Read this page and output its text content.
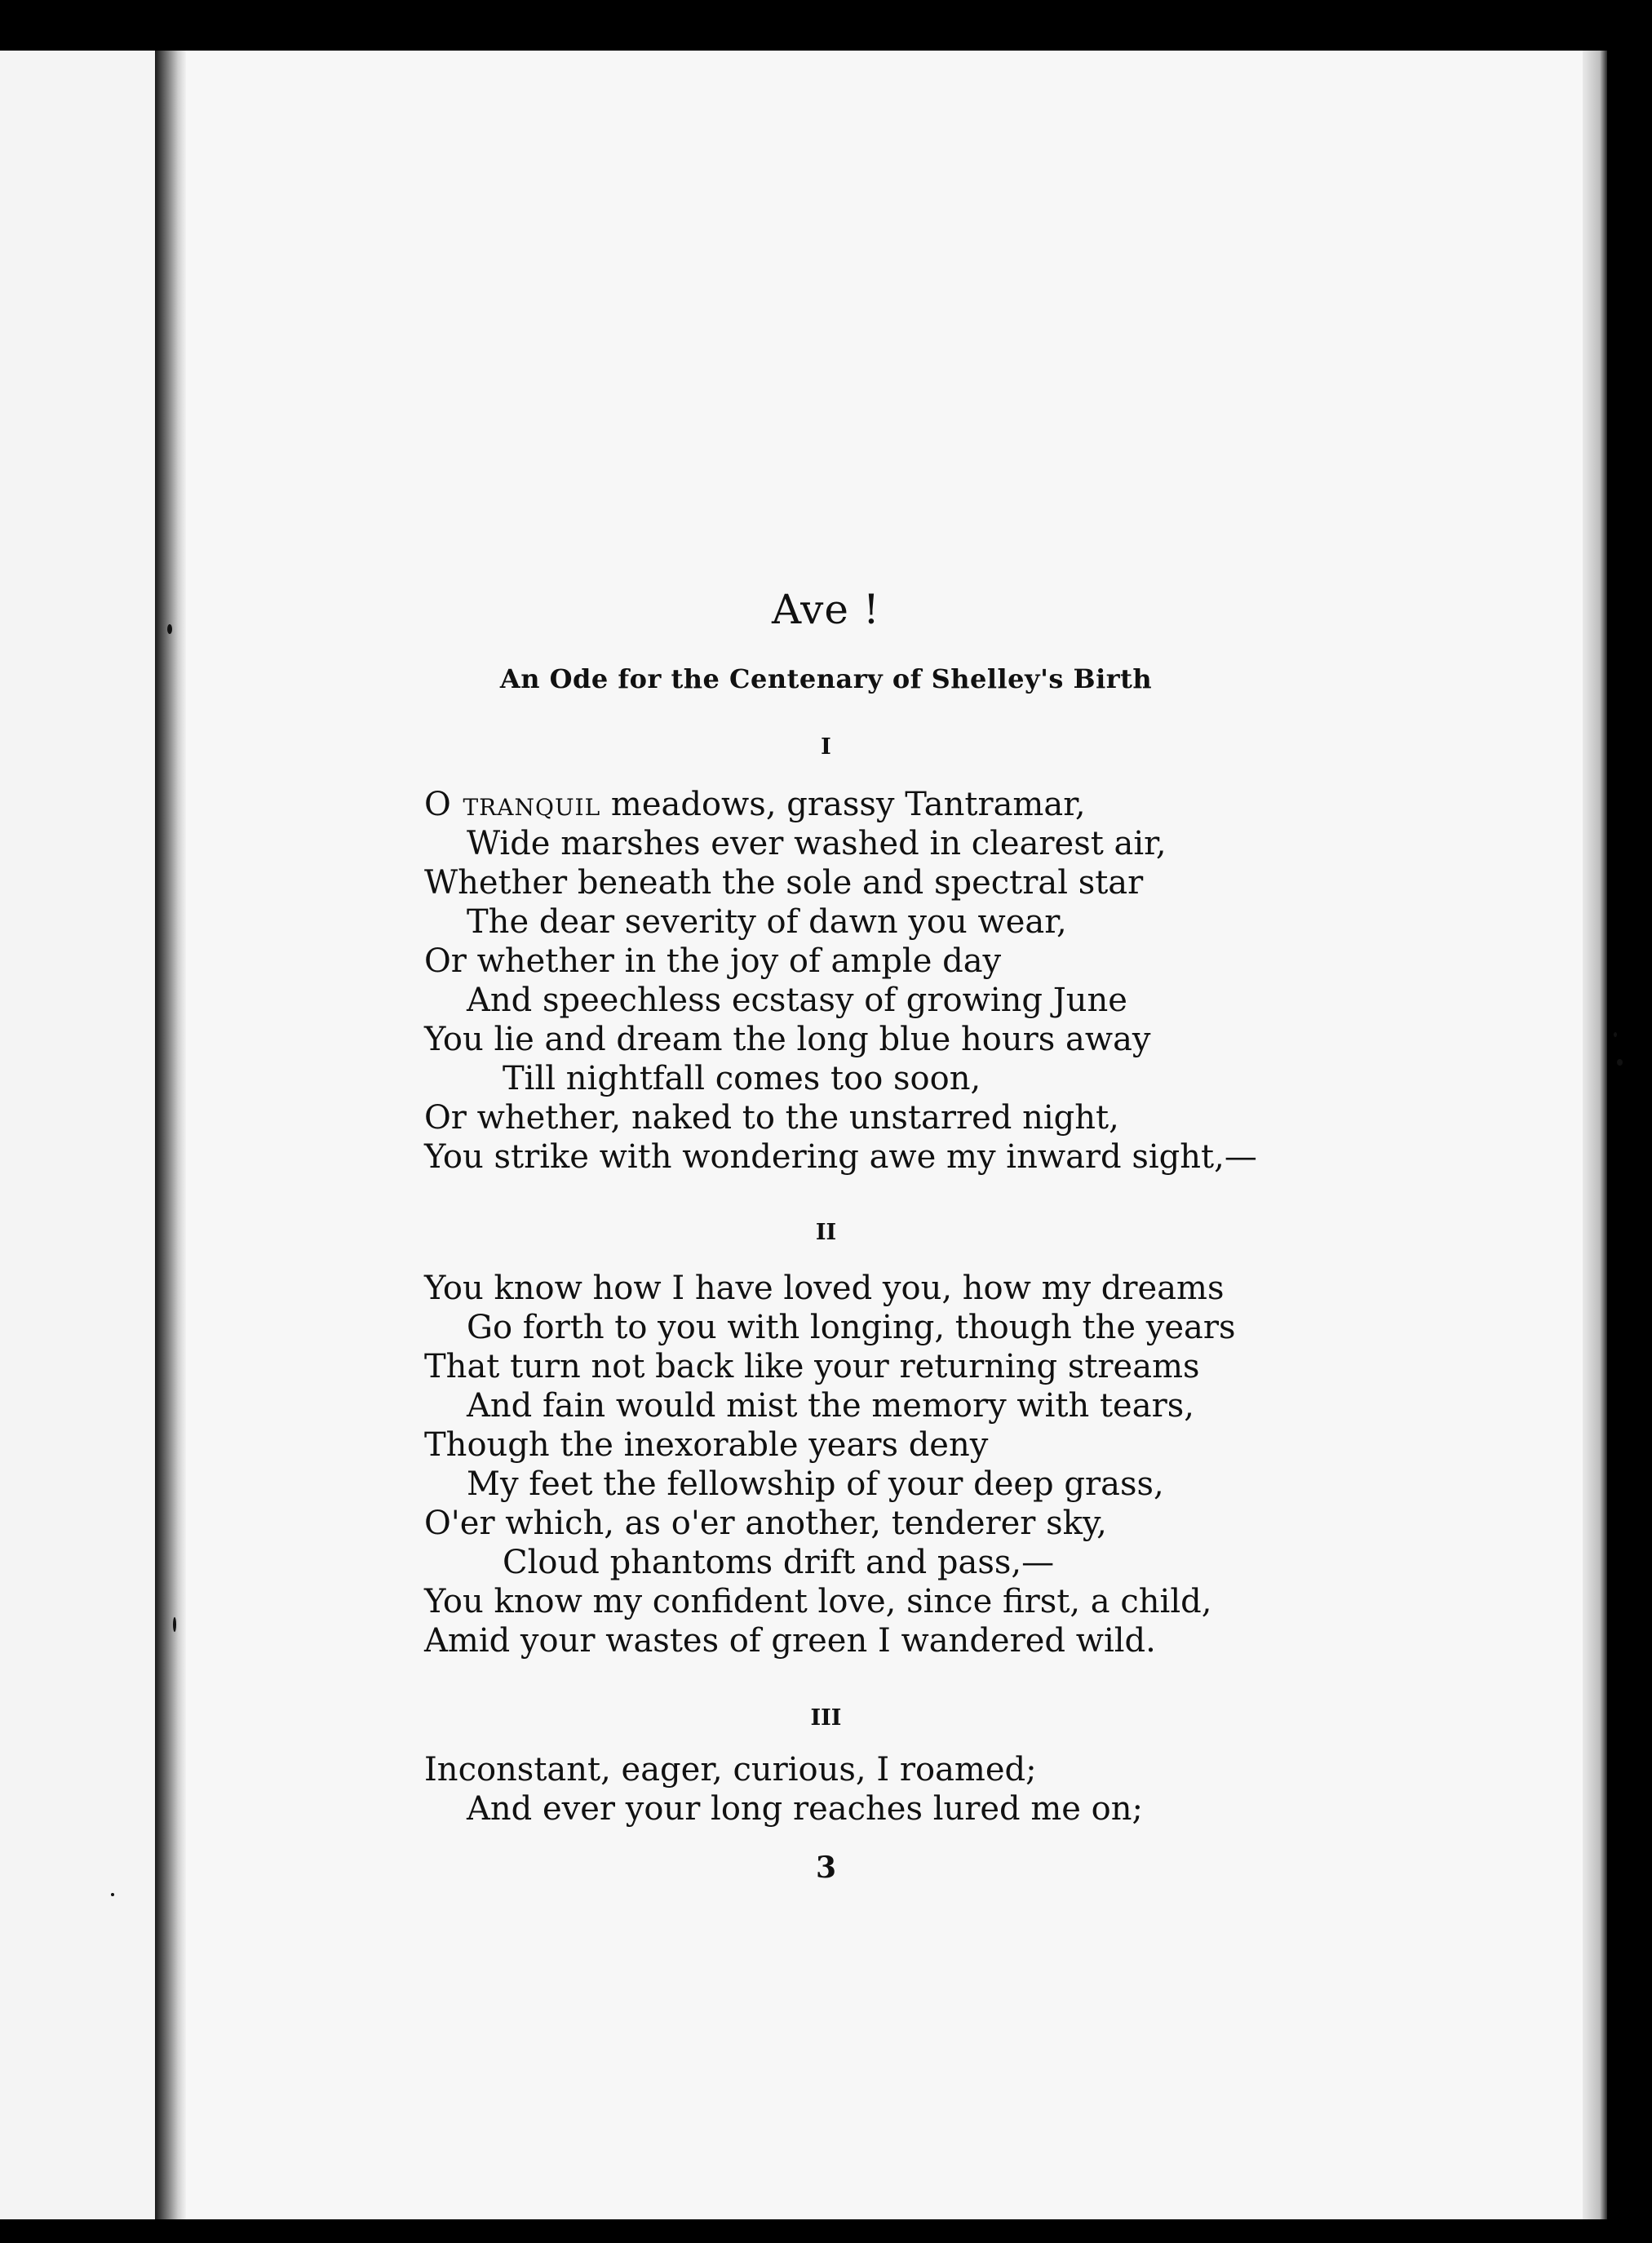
Ave !
An Ode for the Centenary of Shelley's Birth
I
O tranquil meadows, grassy Tantramar,
Wide marshes ever washed in clearest air,
Whether beneath the sole and spectral star
The dear severity of dawn you wear,
Or whether in the joy of ample day
And speechless ecstasy of growing June
You lie and dream the long blue hours away
Till nightfall comes too soon,
Or whether, naked to the unstarred night,
You strike with wondering awe my inward sight,—
II
You know how I have loved you, how my dreams
Go forth to you with longing, though the years
That turn not back like your returning streams
And fain would mist the memory with tears,
Though the inexorable years deny
My feet the fellowship of your deep grass,
O'er which, as o'er another, tenderer sky,
Cloud phantoms drift and pass,—
You know my confident love, since first, a child,
Amid your wastes of green I wandered wild.
III
Inconstant, eager, curious, I roamed;
And ever your long reaches lured me on;
3
